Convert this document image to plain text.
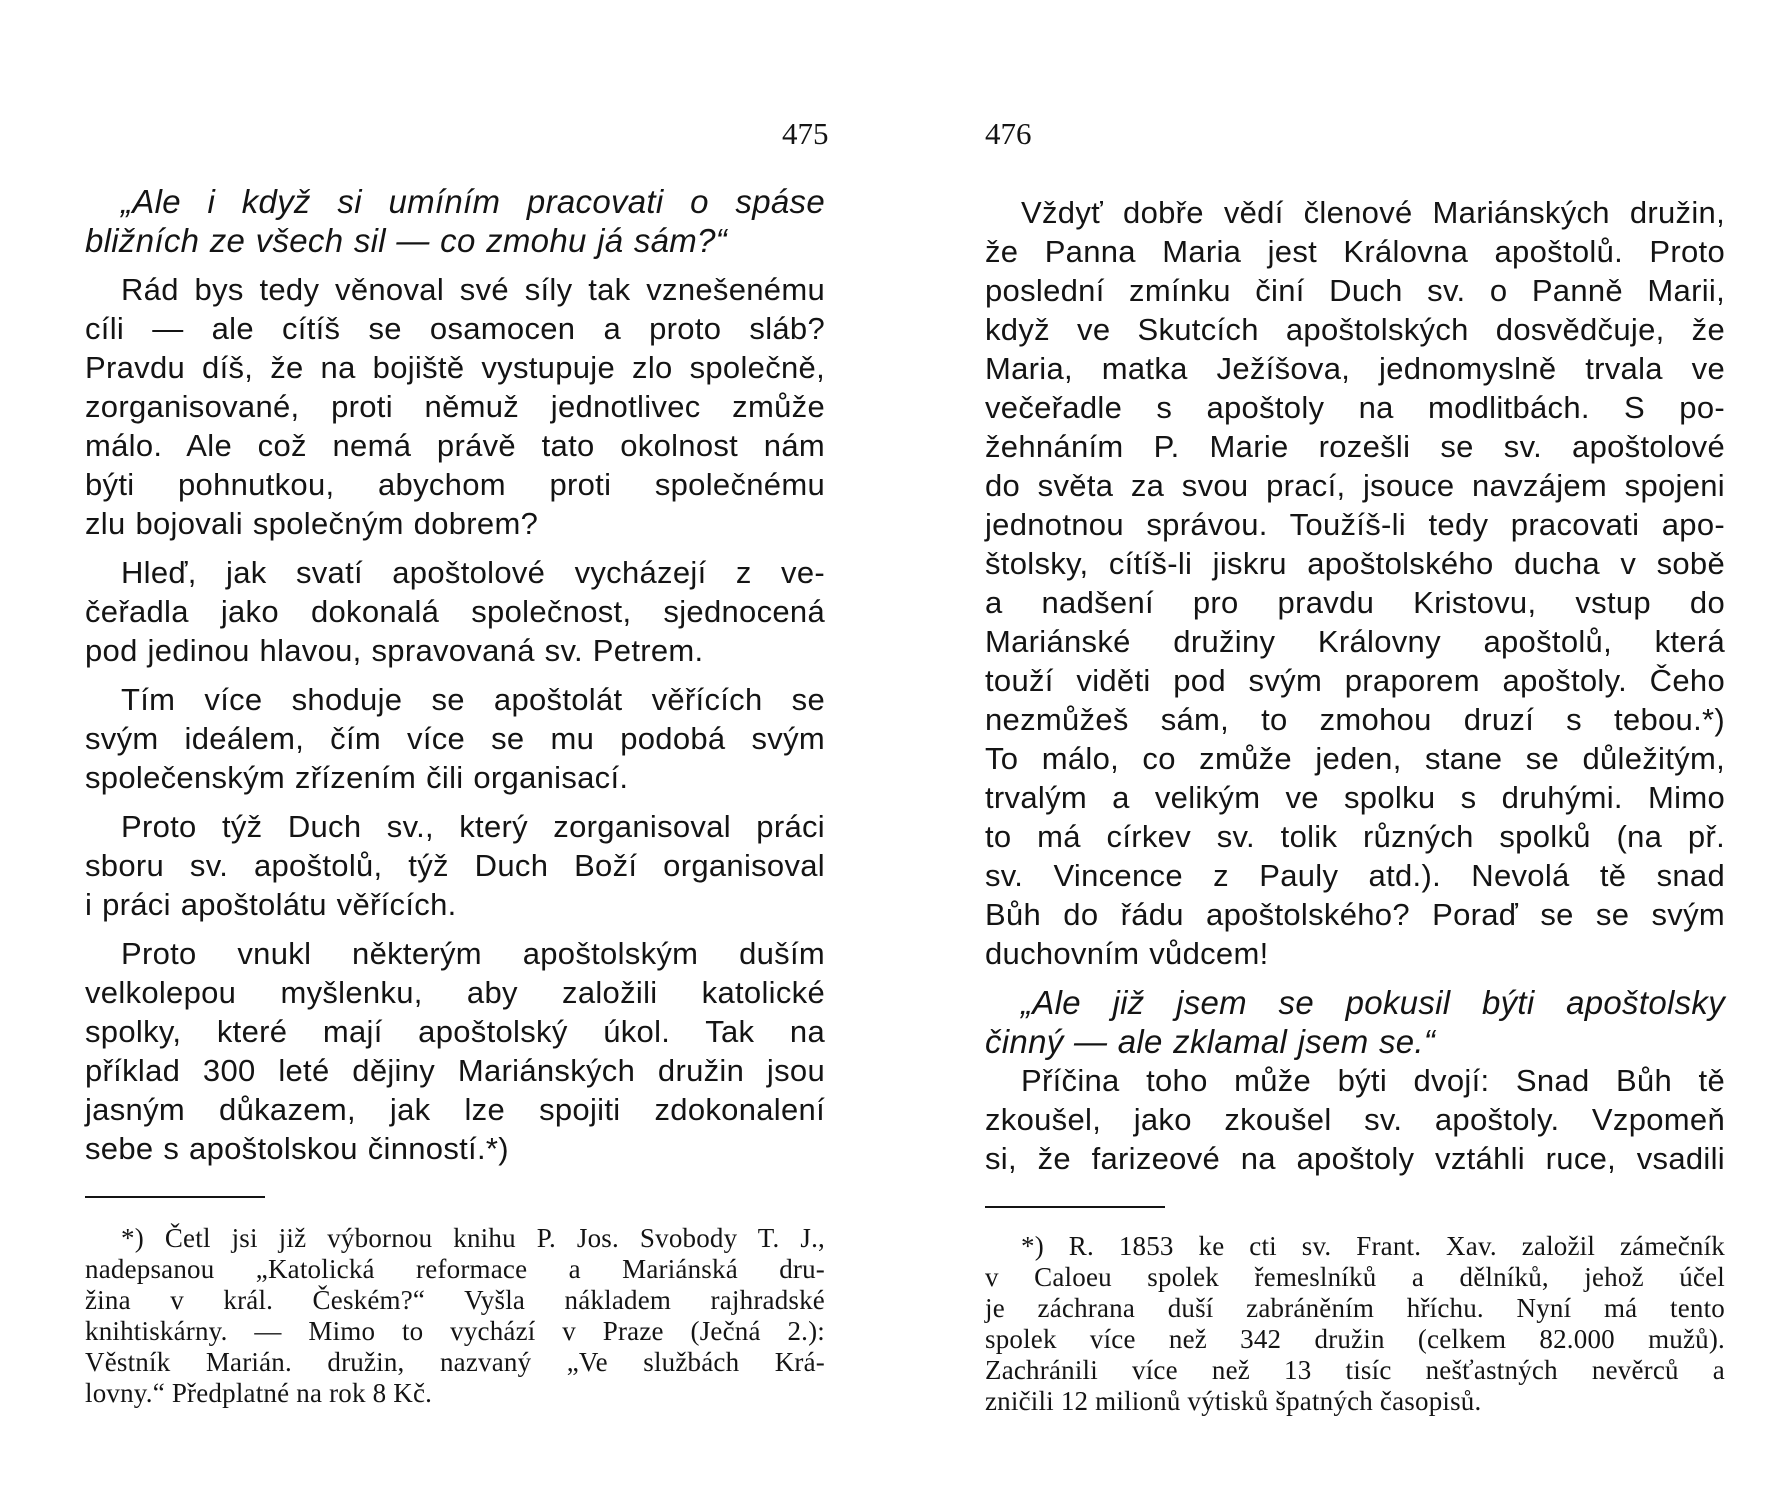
475
„Ale i když si umíním pracovati o spáse
bližních ze všech sil — co zmohu já sám?“
Rád bys tedy věnoval své síly tak vznešenému
cíli — ale cítíš se osamocen a proto sláb?
Pravdu díš, že na bojiště vystupuje zlo společně,
zorganisované, proti němuž jednotlivec zmůže
málo. Ale což nemá právě tato okolnost nám
býti pohnutkou, abychom proti společnému
zlu bojovali společným dobrem?
Hleď, jak svatí apoštolové vycházejí z ve-
čeřadla jako dokonalá společnost, sjednocená
pod jedinou hlavou, spravovaná sv. Petrem.
Tím více shoduje se apoštolát věřících se
svým ideálem, čím více se mu podobá svým
společenským zřízením čili organisací.
Proto týž Duch sv., který zorganisoval práci
sboru sv. apoštolů, týž Duch Boží organisoval
i práci apoštolátu věřících.
Proto vnukl některým apoštolským duším
velkolepou myšlenku, aby založili katolické
spolky, které mají apoštolský úkol. Tak na
příklad 300 leté dějiny Mariánských družin jsou
jasným důkazem, jak lze spojiti zdokonalení
sebe s apoštolskou činností.*)
*) Četl jsi již výbornou knihu P. Jos. Svobody T. J.,
nadepsanou „Katolická reformace a Mariánská dru-
žina v král. Českém?“ Vyšla nákladem rajhradské
knihtiskárny. — Mimo to vychází v Praze (Ječná 2.):
Věstník Marián. družin, nazvaný „Ve službách Krá-
lovny.“ Předplatné na rok 8 Kč.
476
Vždyť dobře vědí členové Mariánských družin,
že Panna Maria jest Královna apoštolů. Proto
poslední zmínku činí Duch sv. o Panně Marii,
když ve Skutcích apoštolských dosvědčuje, že
Maria, matka Ježíšova, jednomyslně trvala ve
večeřadle s apoštoly na modlitbách. S po-
žehnáním P. Marie rozešli se sv. apoštolové
do světa za svou prací, jsouce navzájem spojeni
jednotnou správou. Toužíš-li tedy pracovati apo-
štolsky, cítíš-li jiskru apoštolského ducha v sobě
a nadšení pro pravdu Kristovu, vstup do
Mariánské družiny Královny apoštolů, která
touží viděti pod svým praporem apoštoly. Čeho
nezmůžeš sám, to zmohou druzí s tebou.*)
To málo, co zmůže jeden, stane se důležitým,
trvalým a velikým ve spolku s druhými. Mimo
to má církev sv. tolik různých spolků (na př.
sv. Vincence z Pauly atd.). Nevolá tě snad
Bůh do řádu apoštolského? Poraď se se svým
duchovním vůdcem!
„Ale již jsem se pokusil býti apoštolsky
činný — ale zklamal jsem se.“
Příčina toho může býti dvojí: Snad Bůh tě
zkoušel, jako zkoušel sv. apoštoly. Vzpomeň
si, že farizeové na apoštoly vztáhli ruce, vsadili
*) R. 1853 ke cti sv. Frant. Xav. založil zámečník
v Caloeu spolek řemeslníků a dělníků, jehož účel
je záchrana duší zabráněním hříchu. Nyní má tento
spolek více než 342 družin (celkem 82.000 mužů).
Zachránili více než 13 tisíc nešťastných nevěrců a
zničili 12 milionů výtisků špatných časopisů.
